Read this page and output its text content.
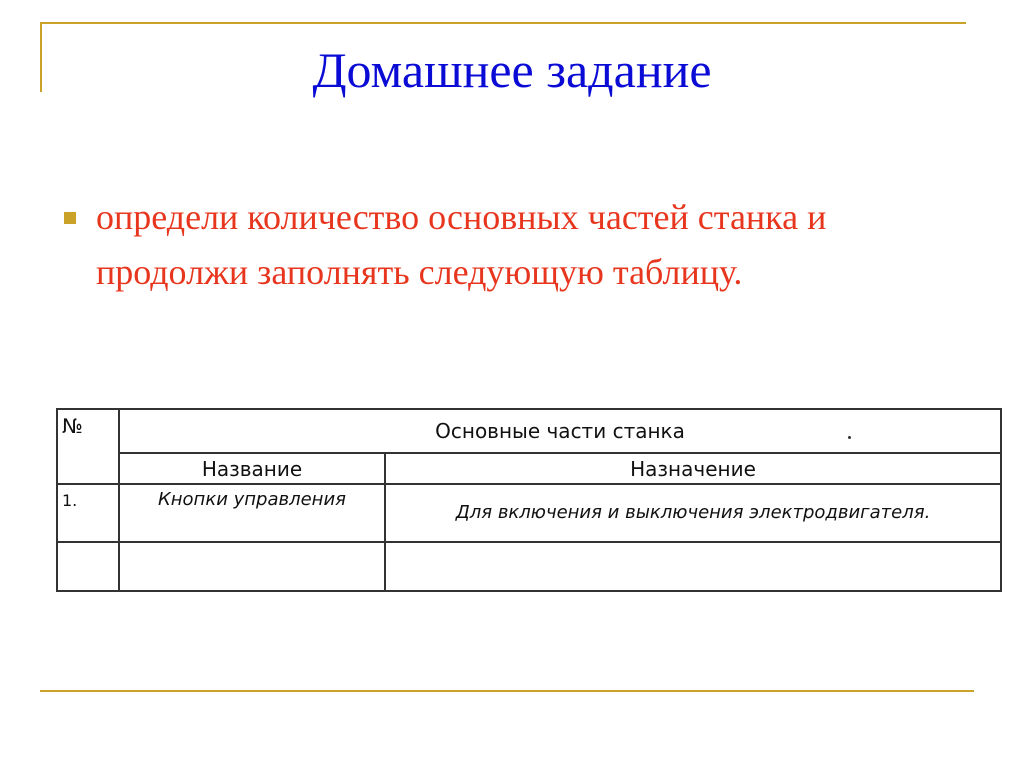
Домашнее задание
определи количество основных частей станка и продолжи заполнять следующую таблицу.
№	Основные части станка	
	Название	Назначение
1.	Кнопки управления	Для включения и выключения электродвигателя.
